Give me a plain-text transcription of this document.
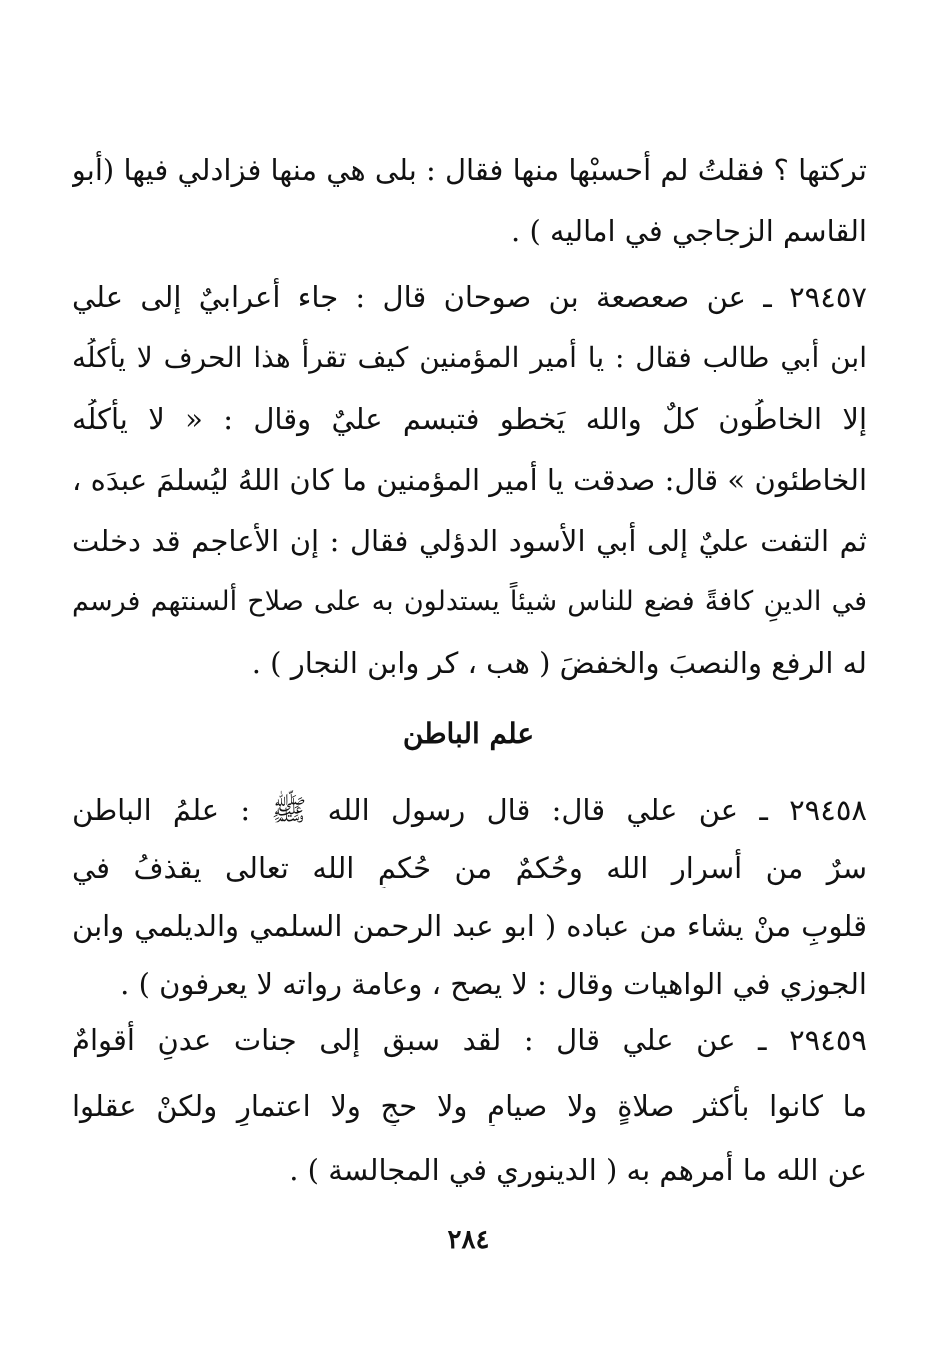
تركتها ؟ فقلتُ لم أحسبْها منها فقال : بلى هي منها فزادلي فيها (أبو
القاسم الزجاجي في اماليه ) .
٢٩٤٥٧ ـ عن صعصعة بن صوحان قال : جاء أعرابيٌ إلى علي
ابن أبي طالب فقال : يا أمير المؤمنين كيف تقرأ هذا الحرف لا يأكلُه
إلا الخاطُون كلٌ والله يَخطو فتبسم عليٌ وقال : « لا يأكلُه
الخاطئون » قال: صدقت يا أمير المؤمنين ما كان اللهُ ليُسلمَ عبدَه ،
ثم التفت عليٌ إلى أبي الأسود الدؤلي فقال : إن الأعاجم قد دخلت
في الدينِ كافةً فضع للناس شيئاً يستدلون به على صلاح ألسنتهم فرسم
له الرفع والنصبَ والخفضَ ( هب ، كر وابن النجار ) .
علم الباطن
٢٩٤٥٨ ـ عن علي قال: قال رسول الله ﷺ : علمُ الباطن
سرٌ من أسرار الله وحُكمٌ من حُكمِ الله تعالى يقذفُ في
قلوبِ منْ يشاء من عباده ( ابو عبد الرحمن السلمي والديلمي وابن
الجوزي في الواهيات وقال : لا يصح ، وعامة رواته لا يعرفون ) .
٢٩٤٥٩ ـ عن علي قال : لقد سبق إلى جنات عدنٍ أقوامٌ
ما كانوا بأكثر صلاةٍ ولا صيامٍ ولا حجٍ ولا اعتمارٍ ولكنْ عقلوا
عن الله ما أمرهم به ( الدينوري في المجالسة ) .
٢٨٤
